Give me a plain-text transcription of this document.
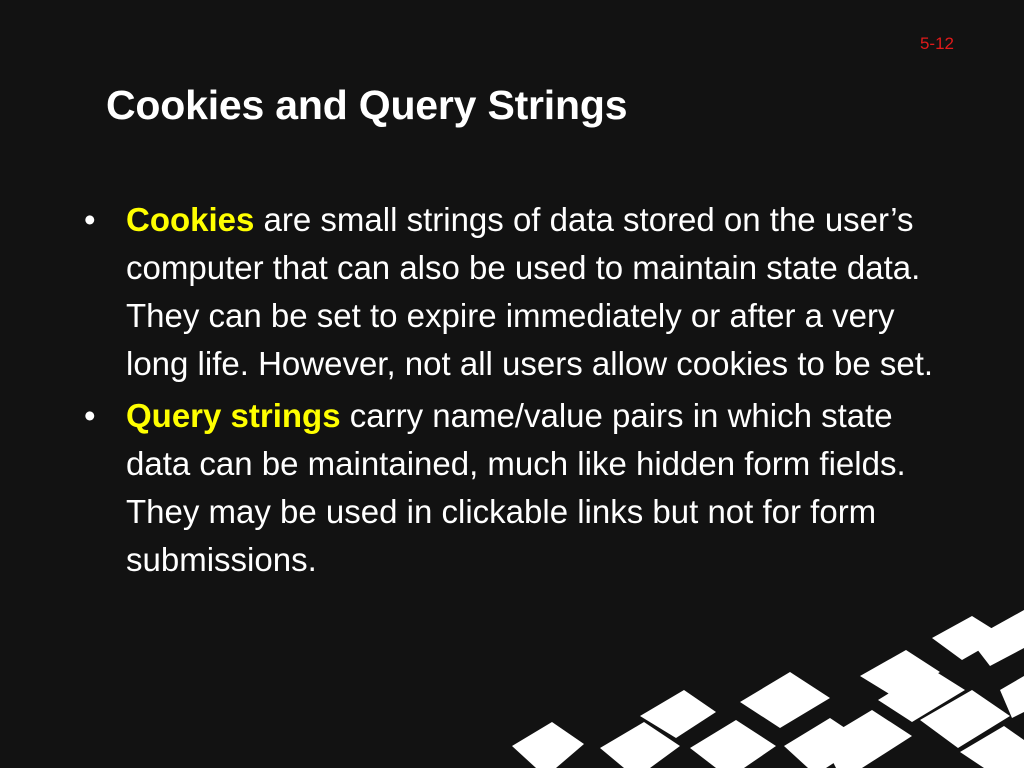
5-12
Cookies and Query Strings
• Cookies are small strings of data stored on the user’s computer that can also be used to maintain state data. They can be set to expire immediately or after a very long life. However, not all users allow cookies to be set.
• Query strings carry name/value pairs in which state data can be maintained, much like hidden form fields. They may be used in clickable links but not for form submissions.
